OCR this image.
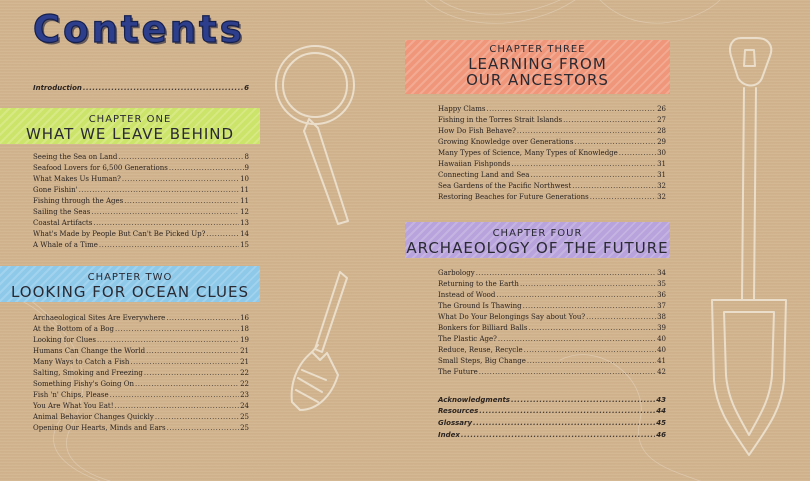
Contents
Introduction .....	6
CHAPTER ONE
WHAT WE LEAVE BEHIND
Seeing the Sea on Land .....	8
Seafood Lovers for 6,500 Generations .....	9
What Makes Us Human? .....	10
Gone Fishin' .....	11
Fishing through the Ages .....	11
Sailing the Seas .....	12
Coastal Artifacts .....	13
What's Made by People But Can't Be Picked Up? .....	14
A Whale of a Time .....	15
CHAPTER TWO
LOOKING FOR OCEAN CLUES
Archaeological Sites Are Everywhere .....	16
At the Bottom of a Bog .....	18
Looking for Clues .....	19
Humans Can Change the World .....	21
Many Ways to Catch a Fish .....	21
Salting, Smoking and Freezing .....	22
Something Fishy's Going On .....	22
Fish 'n' Chips, Please .....	23
You Are What You Eat! .....	24
Animal Behavior Changes Quickly .....	25
Opening Our Hearts, Minds and Ears .....	25
CHAPTER THREE
LEARNING FROM
OUR ANCESTORS
Happy Clams .....	26
Fishing in the Torres Strait Islands .....	27
How Do Fish Behave? .....	28
Growing Knowledge over Generations .....	29
Many Types of Science, Many Types of Knowledge .....	30
Hawaiian Fishponds .....	31
Connecting Land and Sea .....	31
Sea Gardens of the Pacific Northwest .....	32
Restoring Beaches for Future Generations .....	32
CHAPTER FOUR
ARCHAEOLOGY OF THE FUTURE
Garbology .....	34
Returning to the Earth .....	35
Instead of Wood .....	36
The Ground Is Thawing .....	37
What Do Your Belongings Say about You? .....	38
Bonkers for Billiard Balls .....	39
The Plastic Age? .....	40
Reduce, Reuse, Recycle .....	40
Small Steps, Big Change .....	41
The Future .....	42
Acknowledgments .....	43
Resources .....	44
Glossary .....	45
Index .....	46
